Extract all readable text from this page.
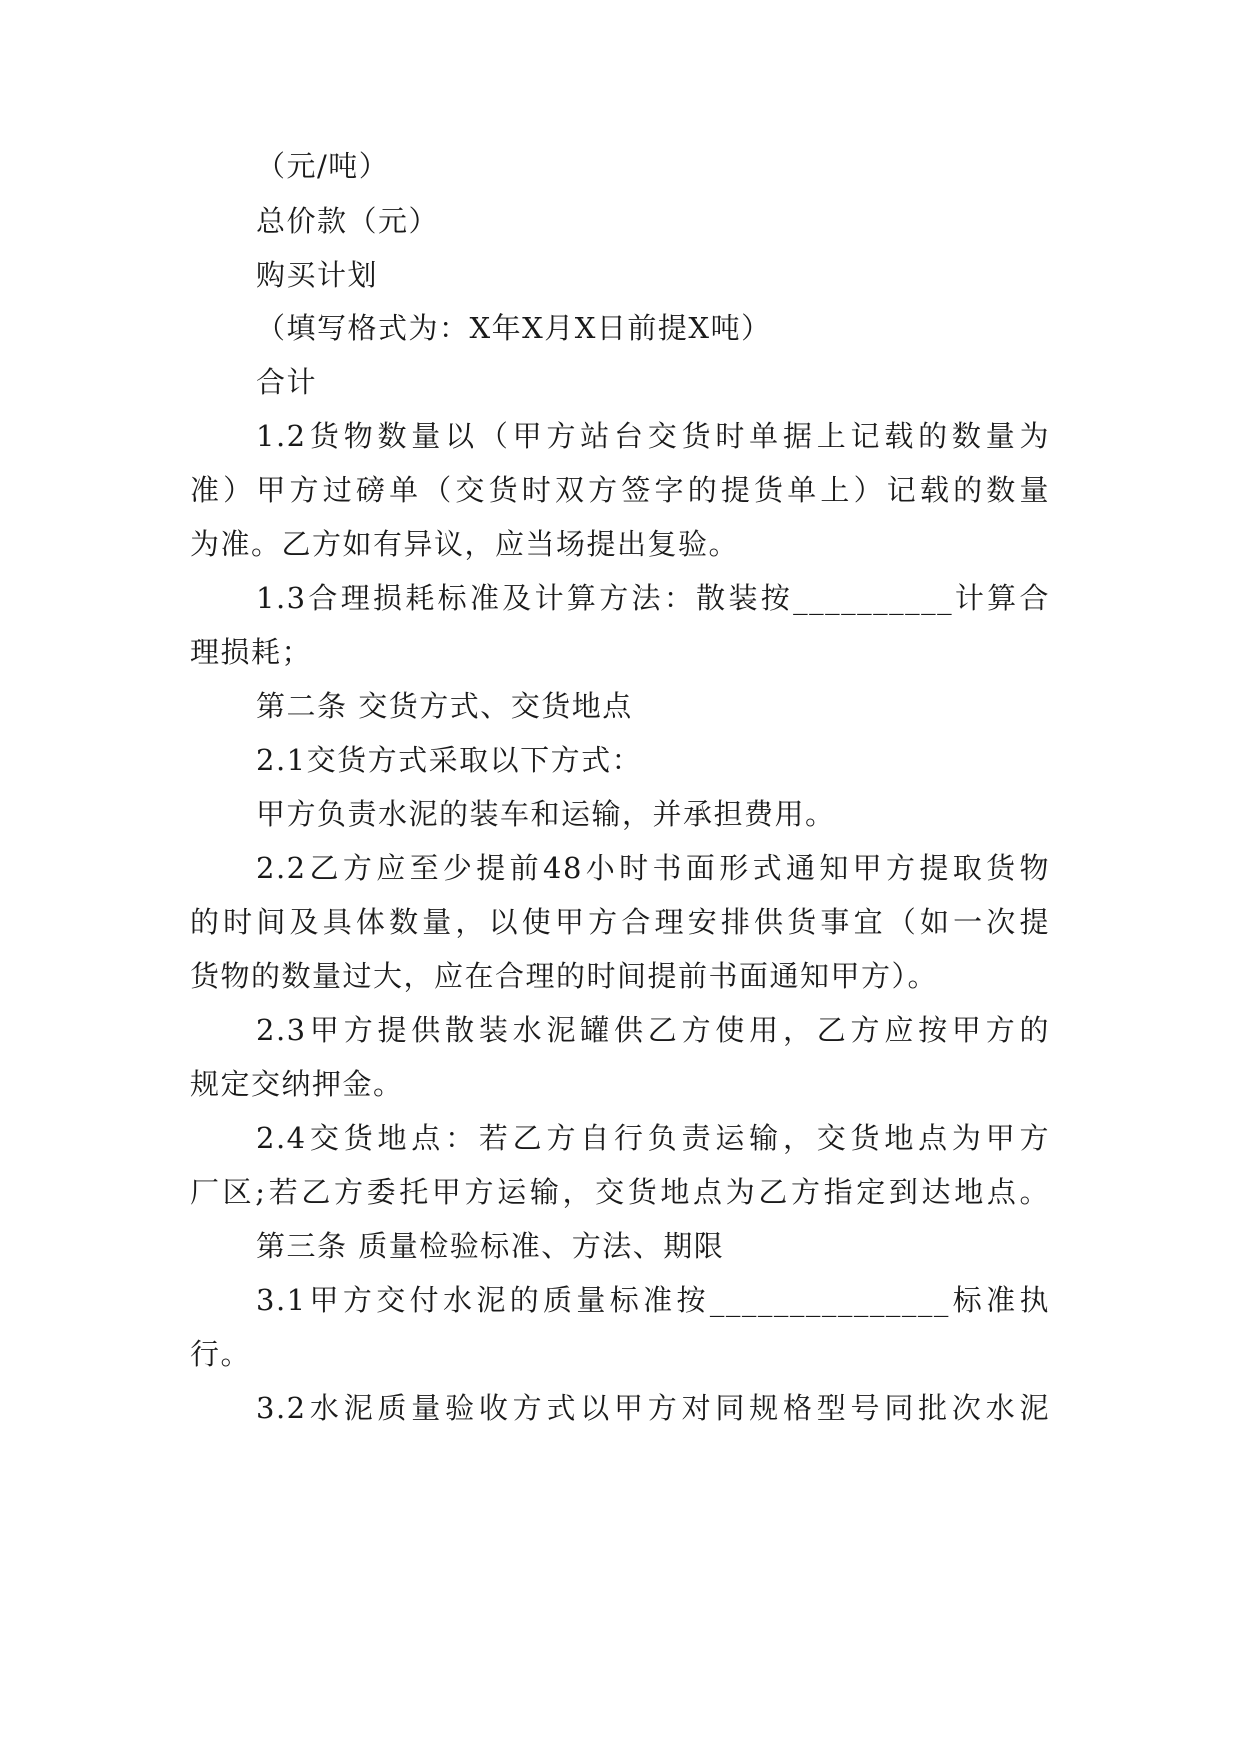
（元/吨）
总价款（元）
购买计划
（填写格式为：X年X月X日前提X吨）
合计
1.2货物数量以（甲方站台交货时单据上记载的数量为
准）甲方过磅单（交货时双方签字的提货单上）记载的数量
为准。乙方如有异议，应当场提出复验。
1.3合理损耗标准及计算方法：散装按__________计算合
理损耗；
第二条 交货方式、交货地点
2.1交货方式采取以下方式：
甲方负责水泥的装车和运输，并承担费用。
2.2乙方应至少提前48小时书面形式通知甲方提取货物
的时间及具体数量，以使甲方合理安排供货事宜（如一次提
货物的数量过大，应在合理的时间提前书面通知甲方）。
2.3甲方提供散装水泥罐供乙方使用，乙方应按甲方的
规定交纳押金。
2.4交货地点：若乙方自行负责运输，交货地点为甲方
厂区;若乙方委托甲方运输，交货地点为乙方指定到达地点。
第三条 质量检验标准、方法、期限
3.1甲方交付水泥的质量标准按_______________标准执
行。
3.2水泥质量验收方式以甲方对同规格型号同批次水泥
